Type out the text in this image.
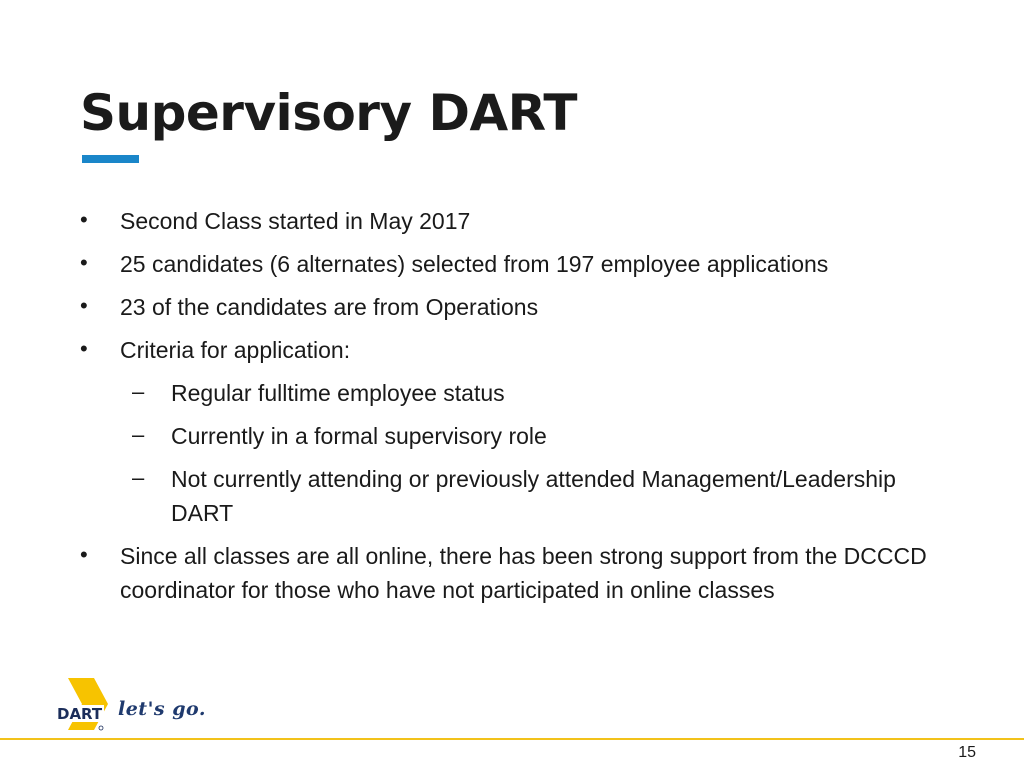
Supervisory DART
• Second Class started in May 2017
• 25 candidates (6 alternates) selected from 197 employee applications
• 23 of the candidates are from Operations
• Criteria for application:
– Regular fulltime employee status
– Currently in a formal supervisory role
– Not currently attending or previously attended Management/Leadership DART
• Since all classes are all online, there has been strong support from the DCCCD coordinator for those who have not participated in online classes
DART let's go.
15
